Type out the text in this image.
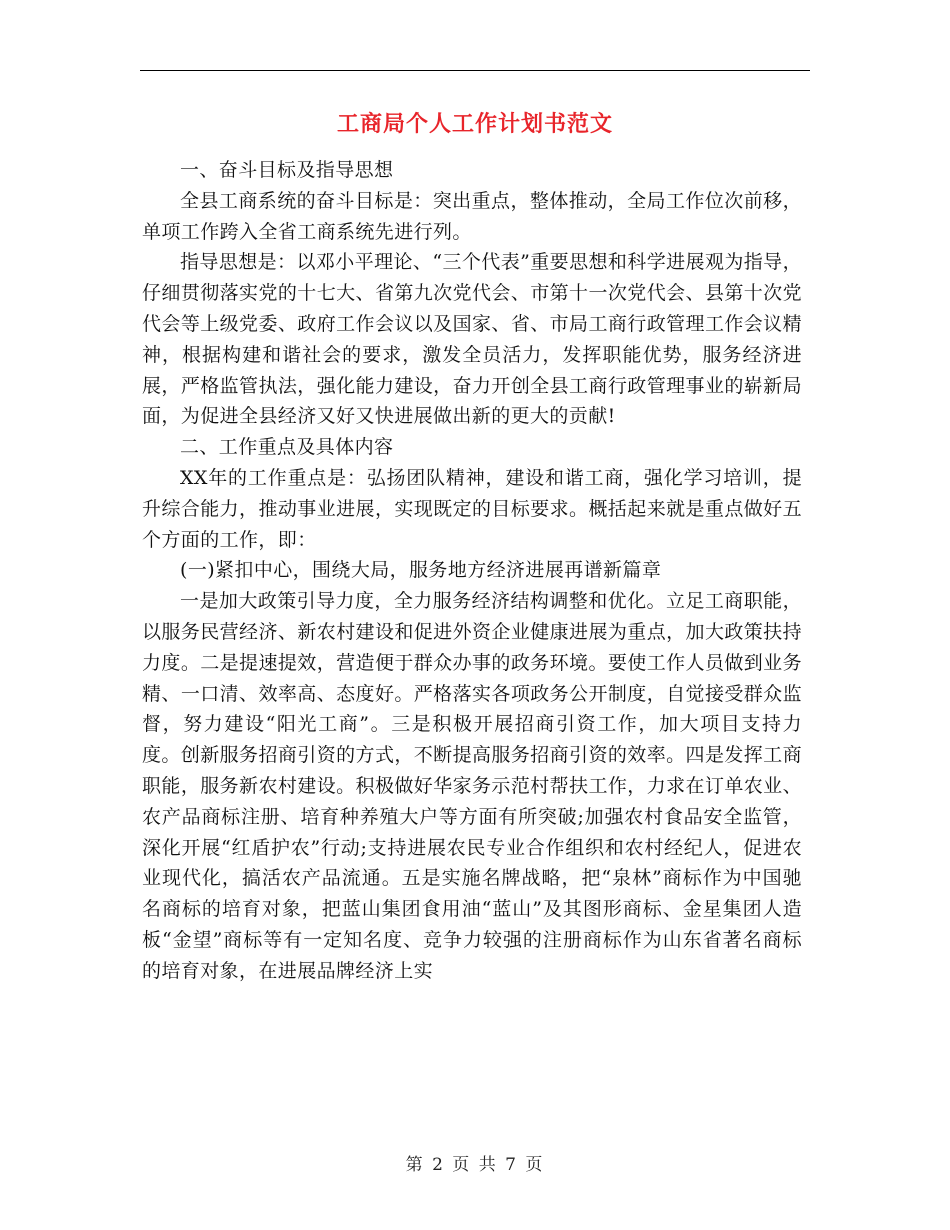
工商局个人工作计划书范文

一、奋斗目标及指导思想

全县工商系统的奋斗目标是：突出重点，整体推动，全局工作位次前移，单项工作跨入全省工商系统先进行列。

指导思想是：以邓小平理论、“三个代表”重要思想和科学进展观为指导，仔细贯彻落实党的十七大、省第九次党代会、市第十一次党代会、县第十次党代会等上级党委、政府工作会议以及国家、省、市局工商行政管理工作会议精神，根据构建和谐社会的要求，激发全员活力，发挥职能优势，服务经济进展，严格监管执法，强化能力建设，奋力开创全县工商行政管理事业的崭新局面，为促进全县经济又好又快进展做出新的更大的贡献!

二、工作重点及具体内容

XX年的工作重点是：弘扬团队精神，建设和谐工商，强化学习培训，提升综合能力，推动事业进展，实现既定的目标要求。概括起来就是重点做好五个方面的工作，即：

(一)紧扣中心，围绕大局，服务地方经济进展再谱新篇章

一是加大政策引导力度，全力服务经济结构调整和优化。立足工商职能，以服务民营经济、新农村建设和促进外资企业健康进展为重点，加大政策扶持力度。二是提速提效，营造便于群众办事的政务环境。要使工作人员做到业务精、一口清、效率高、态度好。严格落实各项政务公开制度，自觉接受群众监督，努力建设“阳光工商”。三是积极开展招商引资工作，加大项目支持力度。创新服务招商引资的方式，不断提高服务招商引资的效率。四是发挥工商职能，服务新农村建设。积极做好华家务示范村帮扶工作，力求在订单农业、农产品商标注册、培育种养殖大户等方面有所突破;加强农村食品安全监管，深化开展“红盾护农”行动;支持进展农民专业合作组织和农村经纪人，促进农业现代化，搞活农产品流通。五是实施名牌战略，把“泉林”商标作为中国驰名商标的培育对象，把蓝山集团食用油“蓝山”及其图形商标、金星集团人造板“金望”商标等有一定知名度、竞争力较强的注册商标作为山东省著名商标的培育对象，在进展品牌经济上实

第 2 页 共 7 页
